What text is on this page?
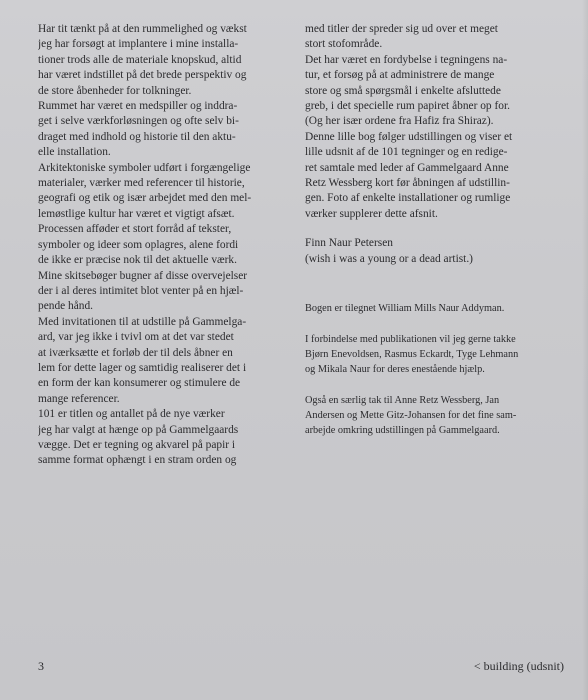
Har tit tænkt på at den rummelighed og vækst
jeg har forsøgt at implantere i mine installa-
tioner trods alle de materiale knopskud, altid
har været indstillet på det brede perspektiv og
de store åbenheder for tolkninger.
Rummet har været en medspiller og inddra-
get i selve værkforløsningen og ofte selv bi-
draget med indhold og historie til den aktu-
elle installation.
Arkitektoniske symboler udført i forgængelige
materialer, værker med referencer til historie,
geografi og etik og især arbejdet med den mel-
lemøstlige kultur har været et vigtigt afsæt.
Processen afføder et stort forråd af tekster,
symboler og ideer som oplagres, alene fordi
de ikke er præcise nok til det aktuelle værk.
Mine skitsebøger bugner af disse overvejelser
der i al deres intimitet blot venter på en hjæl-
pende hånd.
Med invitationen til at udstille på Gammelga-
ard, var jeg ikke i tvivl om at det var stedet
at iværksætte et forløb der til dels åbner en
lem for dette lager og samtidig realiserer det i
en form der kan konsumerer og stimulere de
mange referencer.
101 er titlen og antallet på de nye værker
jeg har valgt at hænge op på Gammelgaards
vægge. Det er tegning og akvarel på papir i
samme format ophængt i en stram orden og
med titler der spreder sig ud over et meget
stort stofområde.
Det har været en fordybelse i tegningens na-
tur, et forsøg på at administrere de mange
store og små spørgsmål i enkelte afsluttede
greb, i det specielle rum papiret åbner op for.
(Og her især ordene fra Hafiz fra Shiraz).
Denne lille bog følger udstillingen og viser et
lille udsnit af de 101 tegninger og en redige-
ret samtale med leder af Gammelgaard Anne
Retz Wessberg kort før åbningen af udstillin-
gen. Foto af enkelte installationer og rumlige
værker supplerer dette afsnit.
Finn Naur Petersen
(wish i was a young or a dead artist.)
Bogen er tilegnet William Mills Naur Addyman.
I forbindelse med publikationen vil jeg gerne takke
Bjørn Enevoldsen, Rasmus Eckardt, Tyge Lehmann
og Mikala Naur for deres enestående hjælp.
Også en særlig tak til Anne Retz Wessberg, Jan
Andersen og Mette Gitz-Johansen for det fine sam-
arbejde omkring udstillingen på Gammelgaard.
3	< building (udsnit)
